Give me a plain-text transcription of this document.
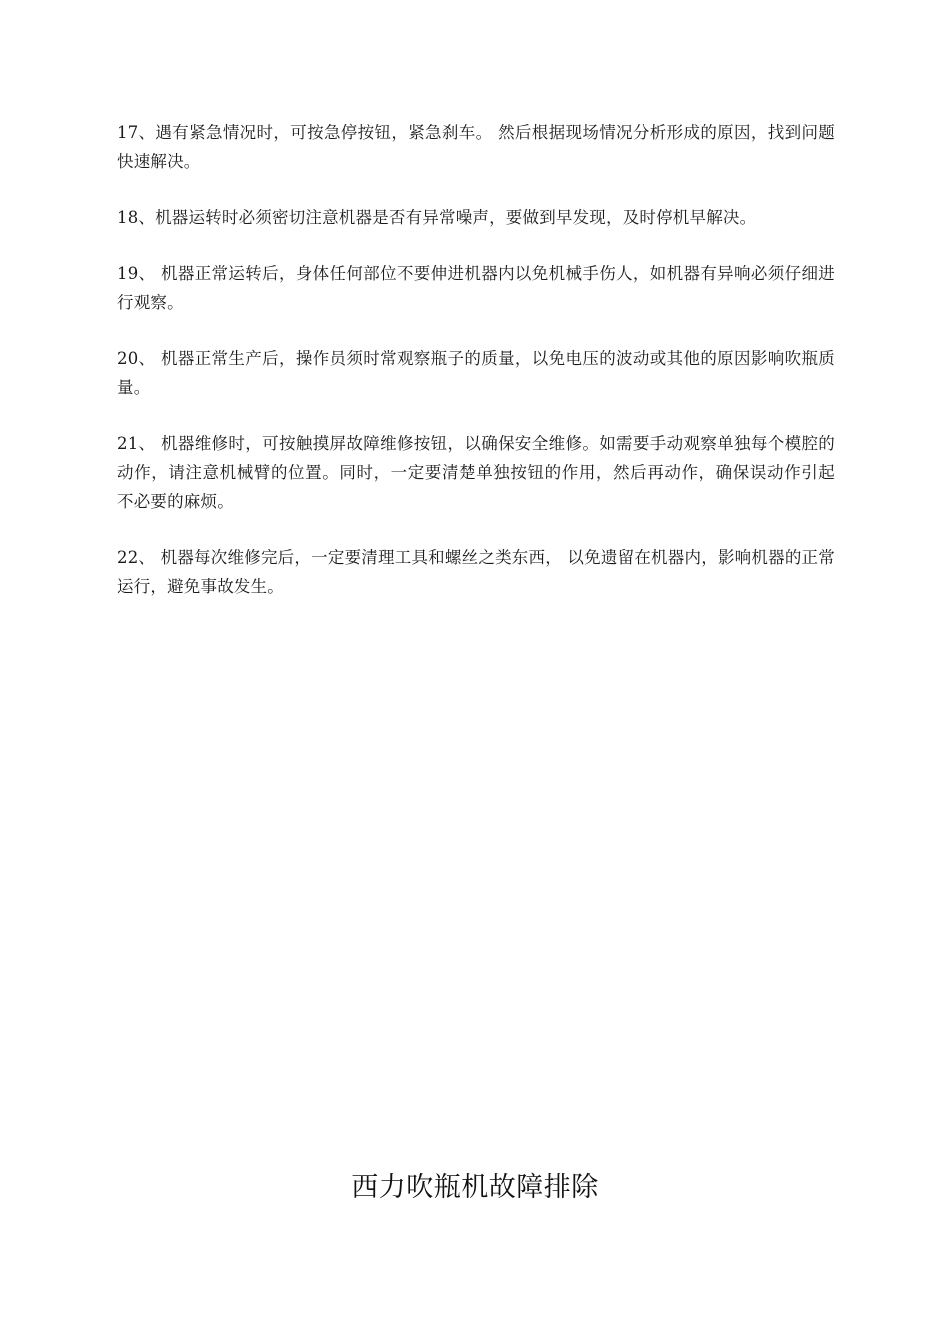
17、遇有紧急情况时，可按急停按钮，紧急刹车。 然后根据现场情况分析形成的原因，找到问题快速解决。

18、机器运转时必须密切注意机器是否有异常噪声，要做到早发现，及时停机早解决。

19、 机器正常运转后，身体任何部位不要伸进机器内以免机械手伤人，如机器有异响必须仔细进行观察。

20、 机器正常生产后，操作员须时常观察瓶子的质量，以免电压的波动或其他的原因影响吹瓶质量。

21、 机器维修时，可按触摸屏故障维修按钮，以确保安全维修。如需要手动观察单独每个模腔的动作，请注意机械臂的位置。同时，一定要清楚单独按钮的作用，然后再动作，确保误动作引起不必要的麻烦。

22、 机器每次维修完后，一定要清理工具和螺丝之类东西， 以免遗留在机器内，影响机器的正常运行，避免事故发生。

西力吹瓶机故障排除
